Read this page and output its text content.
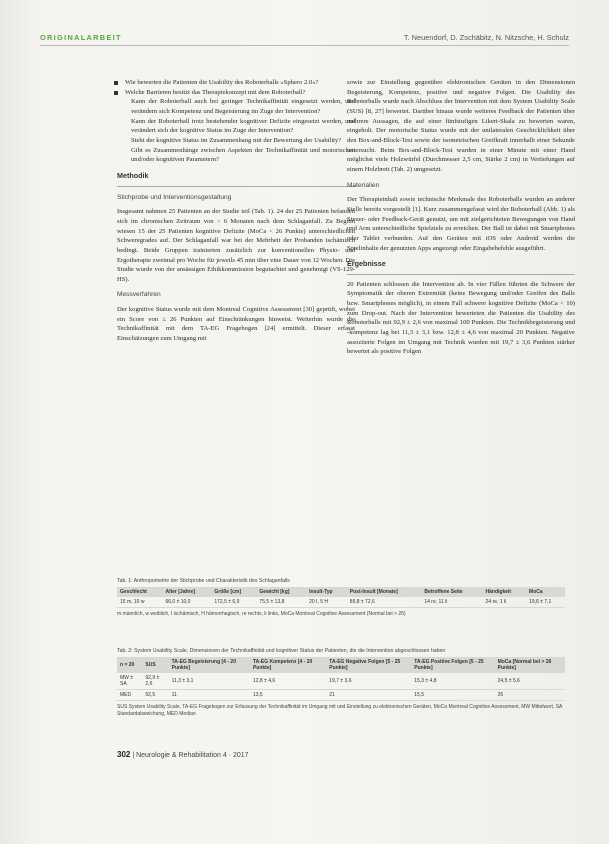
ORIGINALARBEIT	T. Neuendorf, D. Zschäbitz, N. Nitzsche, H. Schulz

Wie bewerten die Patienten die Usability des Roboterballs »Sphero 2.0«?

Welche Barrieren besitzt das Therapiekonzept mit dem Roboterball?

Kann der Roboterball auch bei geringer Technikaffinität eingesetzt werden, und verändern sich Kompetenz und Begeisterung im Zuge der Intervention?

Kann der Roboterball trotz bestehender kognitiver Defizite eingesetzt werden, und verändert sich der kognitive Status im Zuge der Intervention?

Steht der kognitive Status im Zusammenhang mit der Bewertung der Usability?

Gibt es Zusammenhänge zwischen Aspekten der Technikaffinität und motorischen und/oder kognitiven Parametern?

Methodik
Stichprobe und Interventionsgestaltung

Insgesamt nahmen 25 Patienten an der Studie teil (Tab. 1). 24 der 25 Patienten befanden sich im chronischen Zeitraum von > 6 Monaten nach dem Schlaganfall. Zu Beginn wiesen 15 der 25 Patienten kognitive Defizite (MoCa < 26 Punkte) unterschiedlichen Schweregrades auf. Der Schlaganfall war bei der Mehrheit der Probanden ischämisch bedingt. Beide Gruppen trainierten zusätzlich zur konventionellen Physio- und Ergotherapie zweimal pro Woche für jeweils 45 min über eine Dauer von 12 Wochen. Die Studie wurde von der ansässigen Ethikkommission begutachtet und genehmigt (VS-129-HS).

Messverfahren

Der kognitive Status wurde mit dem Montreal Cognitive Assessment [30] geprüft, wobei ein Score von ≤ 26 Punkten auf Einschränkungen hinweist. Weiterhin wurde die Technikaffinität mit dem TA-EG Fragebogen [24] ermittelt. Dieser erfasst Einschätzungen zum Umgang mit

sowie zur Einstellung gegenüber elektronischen Geräten in den Dimensionen Begeisterung, Kompetenz, positive und negative Folgen. Die Usability des Roboterballs wurde nach Abschluss der Intervention mit dem System Usability Scale (SUS) [8, 27] bewertet. Darüber hinaus wurde weiteres Feedback der Patienten über mehrere Aussagen, die auf einer fünfstufigen Likert-Skala zu bewerten waren, eingeholt. Der motorische Status wurde mit der unilateralen Geschicklichkeit über den Box-and-Block-Test sowie der isometrischen Greifkraft innerhalb einer Sekunde untersucht. Beim Box-and-Block-Test wurden in einer Minute mit einer Hand möglichst viele Holzwürfel (Durchmesser 2,5 cm, Stärke 2 cm) in Vertiefungen auf einem Holzbrett (Tab. 2) umgesetzt.

Materialien

Der Therapieinhalt sowie technische Merkmale des Roboterballs wurden an anderer Stelle bereits vorgestellt [1]. Kurz zusammengefasst wird der Roboterball (Abb. 1) als Steuer- oder Feedback-Gerät genutzt, um mit zielgerichteten Bewegungen von Hand und Arm unterschiedliche Spielziele zu erreichen. Der Ball ist dabei mit Smartphones oder Tablet verbunden. Auf den Geräten mit iOS oder Android werden die Spielinhalte der genutzten Apps angezeigt oder Eingabebefehle ausgeführt.

Ergebnisse

20 Patienten schlossen die Intervention ab. In vier Fällen führten die Schwere der Symptomatik der oberen Extremität (keine Bewegung und/oder Greifen des Balls bzw. Smartphones möglich), in einem Fall schwere kognitive Defizite (MoCa < 10) zum Drop-out. Nach der Intervention bewerteten die Patienten die Usability des Roboterballs mit 92,9 ± 2,6 von maximal 100 Punkten. Die Technikbegeisterung und -kompetenz lag bei 11,3 ± 3,1 bzw. 12,8 ± 4,6 von maximal 20 Punkten. Negative assoziierte Folgen im Umgang mit Technik wurden mit 19,7 ± 3,6 Punkten stärker bewertet als positive Folgen

Tab. 1: Anthropometrie der Stichprobe und Charakteristik des Schlaganfalls
Geschlecht	Alter [Jahre]	Größe [cm]	Gewicht [kg]	Insult-Typ	Post-Insult [Monate]	Betroffene Seite	Händigkeit	MoCa
15 m, 10 w	66,0 ± 10,0	172,5 ± 6,9	75,5 ± 13,8	20 I, 5 H	89,8 ± 72,6	14 re, 11 li	24 re, 1 li	19,6 ± 7,1
m männlich, w weiblich, I ischämisch, H hämorrhagisch, re rechts, li links, MoCa Montreal Cognitive Assessment (Normal bei > 26)
Tab. 2: System Usability Scale, Dimensionen der Technikaffinität und kognitiver Status der Patienten, die die Intervention abgeschlossen haben
n = 20	SUS	TA-EG Begeisterung [4 - 20 Punkte]	TA-EG Kompetenz [4 - 20 Punkte]	TA-EG Negative Folgen [5 - 25 Punkte]	TA-EG Positive Folgen [5 - 25 Punkte]	MoCa [Normal bei > 26 Punkte]
MW ± SA	92,9 ± 2,6	11,3 ± 3,1	12,8 ± 4,6	19,7 ± 3,6	15,3 ± 4,8	24,5 ± 5,6
MED	92,5	11	13,5	21	15,5	26
SUS System Usability Scale, TA-EG Fragebogen zur Erfassung der Technikaffinität im Umgang mit und Einstellung zu elektronischen Geräten, MoCa Montreal Cognitive Assessment, MW Mittelwert, SA Standardabweichung, MED Median
302 | Neurologie & Rehabilitation 4 · 2017
